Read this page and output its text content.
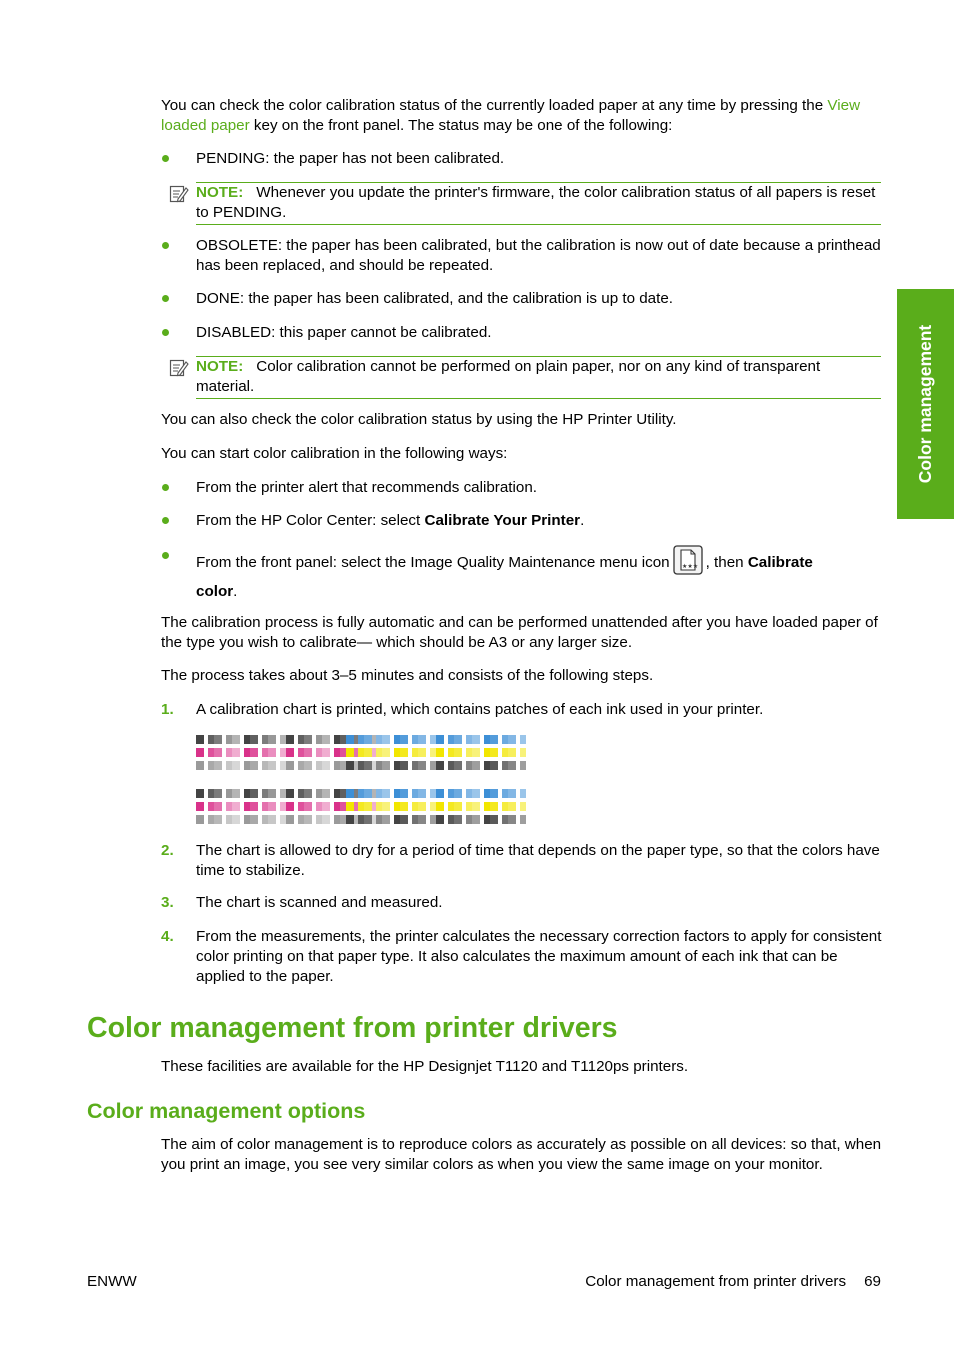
You can check the color calibration status of the currently loaded paper at any time by pressing the View loaded paper key on the front panel. The status may be one of the following:

PENDING: the paper has not been calibrated.

NOTE: Whenever you update the printer's firmware, the color calibration status of all papers is reset to PENDING.

OBSOLETE: the paper has been calibrated, but the calibration is now out of date because a printhead has been replaced, and should be repeated.

DONE: the paper has been calibrated, and the calibration is up to date.

DISABLED: this paper cannot be calibrated.

NOTE: Color calibration cannot be performed on plain paper, nor on any kind of transparent material.

You can also check the color calibration status by using the HP Printer Utility.

You can start color calibration in the following ways:

From the printer alert that recommends calibration.

From the HP Color Center: select Calibrate Your Printer.

From the front panel: select the Image Quality Maintenance menu icon ★★★ , then Calibrate
color.

The calibration process is fully automatic and can be performed unattended after you have loaded paper of the type you wish to calibrate— which should be A3 or any larger size.

The process takes about 3–5 minutes and consists of the following steps.

1. A calibration chart is printed, which contains patches of each ink used in your printer.

2. The chart is allowed to dry for a period of time that depends on the paper type, so that the colors have time to stabilize.

3. The chart is scanned and measured.

4. From the measurements, the printer calculates the necessary correction factors to apply for consistent color printing on that paper type. It also calculates the maximum amount of each ink that can be applied to the paper.

Color management from printer drivers

These facilities are available for the HP Designjet T1120 and T1120ps printers.

Color management options

The aim of color management is to reproduce colors as accurately as possible on all devices: so that, when you print an image, you see very similar colors as when you view the same image on your monitor.

Color management
ENWW	Color management from printer drivers 69
